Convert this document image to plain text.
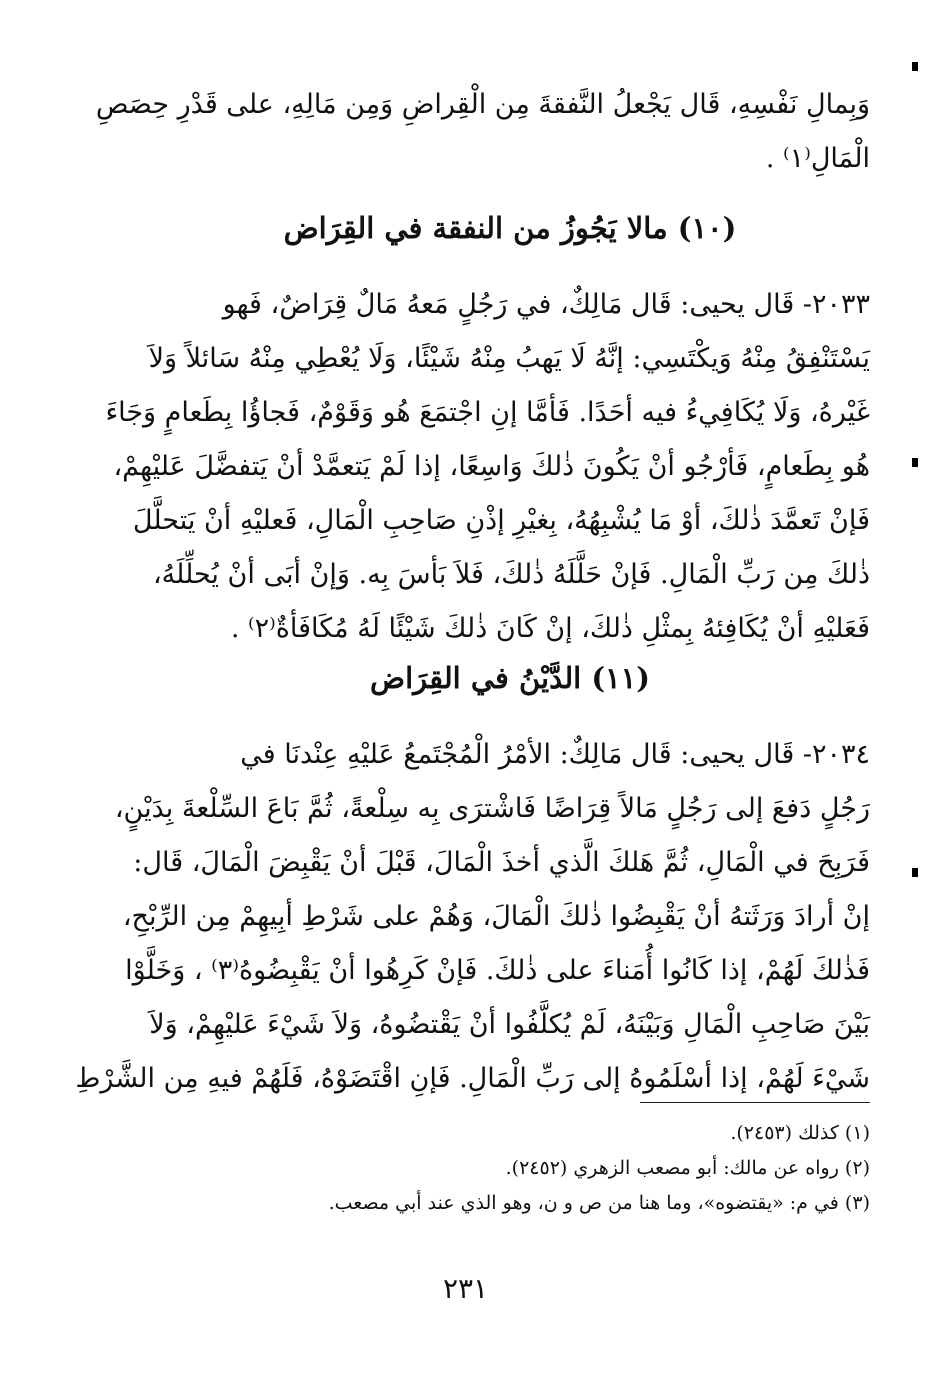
وَبِمالِ نَفْسِهِ، قَال يَجْعلُ النَّفقةَ مِن الْقِراضِ وَمِن مَالِهِ، على قَدْرِ حِصَصِ
الْمَالِ⁽١⁾ .
(١٠) مالا يَجُوزُ من النفقة في القِرَاض
٢٠٣٣- قَال يحيى: قَال مَالِكٌ، في رَجُلٍ مَعهُ مَالٌ قِرَاضٌ، فَهو
يَسْتَنْفِقُ مِنْهُ وَيكْتَسِي: إنَّهُ لَا يَهبُ مِنْهُ شَيْئًا، وَلَا يُعْطِي مِنْهُ سَائلاً وَلاَ
غَيْرهُ، وَلَا يُكَافِيءُ فيه أحَدًا. فَأمَّا إنِ اجْتمَعَ هُو وَقَوْمٌ، فَجاؤُا بِطَعامٍ وَجَاءَ
هُو بِطَعامٍ، فَأرْجُو أنْ يَكُونَ ذٰلكَ وَاسِعًا، إذا لَمْ يَتعمَّدْ أنْ يَتفضَّلَ عَليْهِمْ،
فَإنْ تَعمَّدَ ذٰلكَ، أوْ مَا يُشْبِهُهُ، بِغيْرِ إذْنِ صَاحِبِ الْمَالِ، فَعليْهِ أنْ يَتحلَّلَ
ذٰلكَ مِن رَبِّ الْمَالِ. فَإنْ حَلَّلَهُ ذٰلكَ، فَلاَ بَأسَ بِه. وَإنْ أبَى أنْ يُحلِّلَهُ،
فَعَليْهِ أنْ يُكَافِئهُ بِمثْلِ ذٰلكَ، إنْ كَانَ ذٰلكَ شَيْئًا لَهُ مُكَافَأةٌ⁽٢⁾ .
(١١) الدَّيْنُ في القِرَاض
٢٠٣٤- قَال يحيى: قَال مَالِكٌ: الأمْرُ الْمُجْتَمعُ عَليْهِ عِنْدنَا في
رَجُلٍ دَفعَ إلى رَجُلٍ مَالاً قِرَاضًا فَاشْترَى بِه سِلْعةً، ثُمَّ بَاعَ السِّلْعةَ بِدَيْنٍ،
فَرَبِحَ في الْمَالِ، ثُمَّ هَلكَ الَّذي أخذَ الْمَالَ، قَبْلَ أنْ يَقْبِضَ الْمَالَ، قَال:
إنْ أرادَ وَرَثَتهُ أنْ يَقْبِضُوا ذٰلكَ الْمَالَ، وَهُمْ على شَرْطِ أبِيهِمْ مِن الرِّبْحِ،
فَذٰلكَ لَهُمْ، إذا كَانُوا أُمَناءَ على ذٰلكَ. فَإنْ كَرِهُوا أنْ يَقْبِضُوهُ⁽٣⁾ ، وَخَلَّوْا
بَيْنَ صَاحِبِ الْمَالِ وَبَيْنَهُ، لَمْ يُكلَّفُوا أنْ يَقْتضُوهُ، وَلاَ شَيْءَ عَليْهِمْ، وَلاَ
شَيْءَ لَهُمْ، إذا أسْلَمُوهُ إلى رَبِّ الْمَالِ. فَإنِ اقْتَضَوْهُ، فَلَهُمْ فيهِ مِن الشَّرْطِ
(١) كذلك (٢٤٥٣).
(٢) رواه عن مالك: أبو مصعب الزهري (٢٤٥٢).
(٣) في م: «يقتضوه»، وما هنا من ص و ن، وهو الذي عند أبي مصعب.
٢٣١
